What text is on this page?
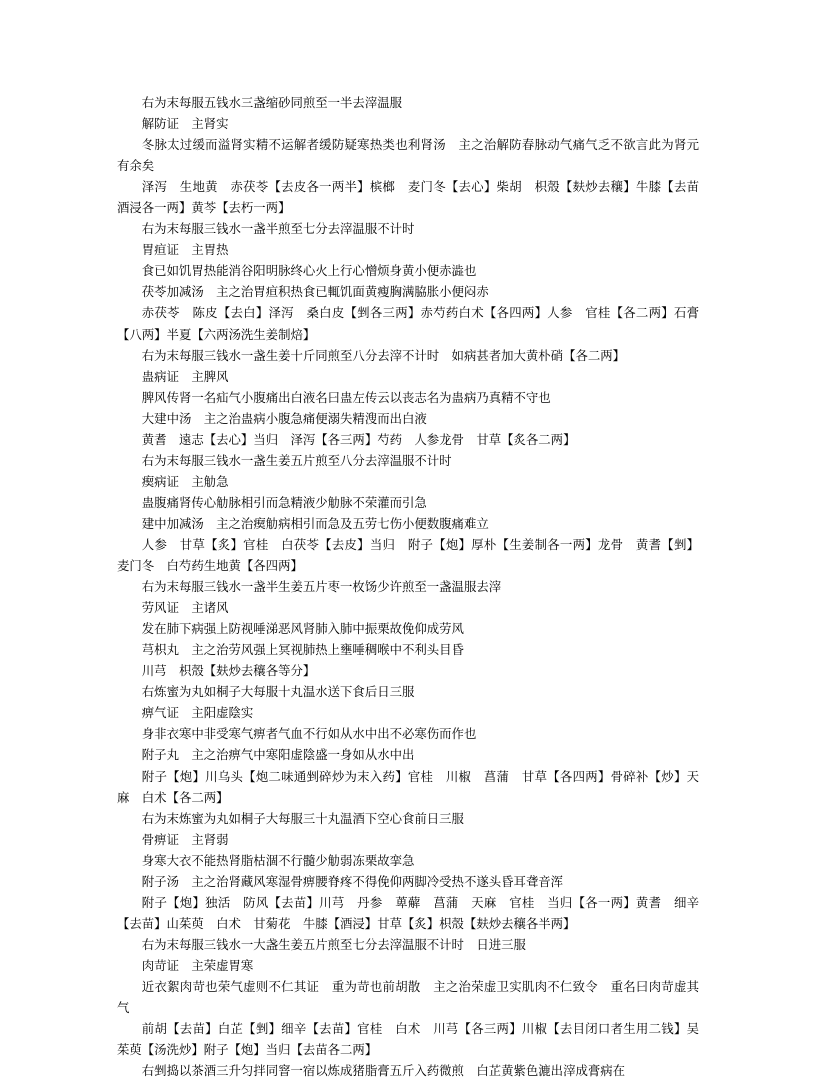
右为末每服五钱水三盏缩砂同煎至一半去滓温服

解防证　主肾实

冬脉太过缓而溢肾实精不运解者缓防疑寒热类也利肾汤　主之治解防春脉动气痛气乏不欲言此为肾元有余矣

泽泻　生地黄　赤茯苓【去皮各一两半】槟榔　麦门冬【去心】柴胡　枳殼【麸炒去穰】牛膝【去苗酒浸各一两】黄芩【去朽一两】

右为末每服三钱水一盏半煎至七分去滓温服不计时

胃疸证　主胃热

食已如饥胃热能消谷阳明脉终心火上行心憎烦身黄小便赤澁也

茯苓加减汤　主之治胃疸积热食已輒饥面黄瘦胸满脇胀小便闷赤

赤茯苓　陈皮【去白】泽泻　桑白皮【剉各三两】赤芍药白术【各四两】人参　官桂【各二两】石膏【八两】半夏【六两汤洗生姜制焙】

右为末每服三钱水一盏生姜十斤同煎至八分去滓不计时　如病甚者加大黄朴硝【各二两】

蛊病证　主脾风

脾风传肾一名疝气小腹痛出白液名曰蛊左传云以丧志名为蛊病乃真精不守也

大建中汤　主之治蛊病小腹急痛便溺失精溲而出白液

黄耆　遠志【去心】当归　泽泻【各三两】芍药　人参龙骨　甘草【炙各二两】

右为末每服三钱水一盏生姜五片煎至八分去滓温服不计时

瘈病证　主觔急

蛊腹痛肾传心觔脉相引而急精液少觔脉不荣灌而引急

建中加减汤　主之治瘈觔病相引而急及五劳七伤小便数腹痛难立

人参　甘草【炙】官桂　白茯苓【去皮】当归　附子【炮】厚朴【生姜制各一两】龙骨　黄耆【剉】麦门冬　白芍药生地黄【各四两】

右为末每服三钱水一盏半生姜五片枣一枚饧少许煎至一盏温服去滓

劳风证　主诸风

发在肺下病强上防视唾涕恶风肾肺入肺中振栗故俛仰成劳风

芎枳丸　主之治劳风强上冥视肺热上壅唾稠喉中不利头目昏

川芎　枳殼【麸炒去穰各等分】

右炼蜜为丸如桐子大每服十丸温水送下食后日三服

痹气证　主阳虚陰实

身非衣寒中非受寒气痹者气血不行如从水中出不必寒伤而作也

附子丸　主之治痹气中寒阳虚陰盛一身如从水中出

附子【炮】川乌头【炮二味通剉碎炒为末入药】官桂　川椒　菖蒲　甘草【各四两】骨碎补【炒】天麻　白术【各二两】

右为末炼蜜为丸如桐子大每服三十丸温酒下空心食前日三服

骨痹证　主肾弱

身寒大衣不能热肾脂枯涸不行髓少觔弱冻栗故挛急

附子汤　主之治肾藏风寒湿骨痹腰脊疼不得俛仰两脚冷受热不遂头昏耳聋音浑

附子【炮】独活　防风【去苗】川芎　丹参　萆薢　菖蒲　天麻　官桂　当归【各一两】黄耆　细辛【去苗】山茱萸　白术　甘菊花　牛膝【酒浸】甘草【炙】枳殼【麸炒去穰各半两】

右为末每服三钱水一大盏生姜五片煎至七分去滓温服不计时　日进三服

肉苛证　主荣虚胃寒

近衣絮肉苛也荣气虚则不仁其证　重为苛也前胡散　主之治荣虚卫实肌肉不仁致令　重名曰肉苛虚其气

前胡【去苗】白芷【剉】细辛【去苗】官桂　白术　川芎【各三两】川椒【去目闭口者生用二钱】吴茱萸【汤洗炒】附子【炮】当归【去苗各二两】

右剉捣以茶酒三升匀拌同窨一宿以炼成猪脂膏五斤入药微煎　白芷黄紫色漉出滓成膏病在
